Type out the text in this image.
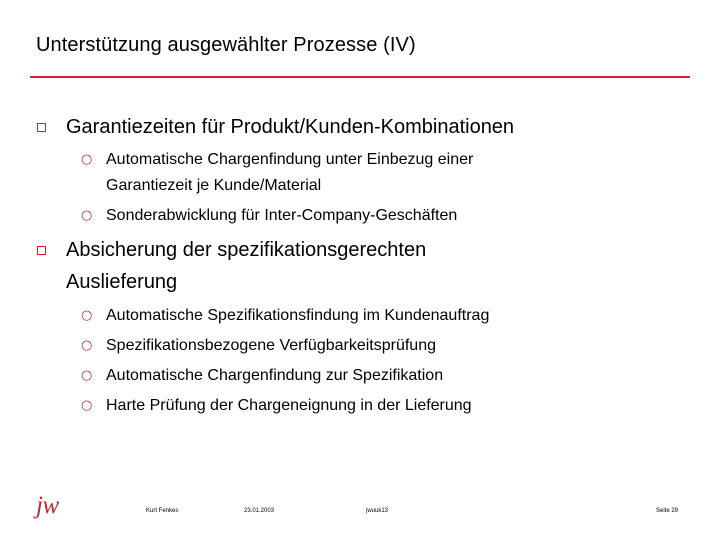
Unterstützung ausgewählter Prozesse (IV)
Garantiezeiten für Produkt/Kunden-Kombinationen
○ Automatische Chargenfindung unter Einbezug einer
Garantiezeit je Kunde/Material
○ Sonderabwicklung für Inter-Company-Geschäften
Absicherung der spezifikationsgerechten
Auslieferung
○ Automatische Spezifikationsfindung im Kundenauftrag
○ Spezifikationsbezogene Verfügbarkeitsprüfung
○ Automatische Chargenfindung zur Spezifikation
○ Harte Prüfung der Chargeneignung in der Lieferung
jw	Kurt Fenkes	23.01.2003	jwuuk13	Seite 29
